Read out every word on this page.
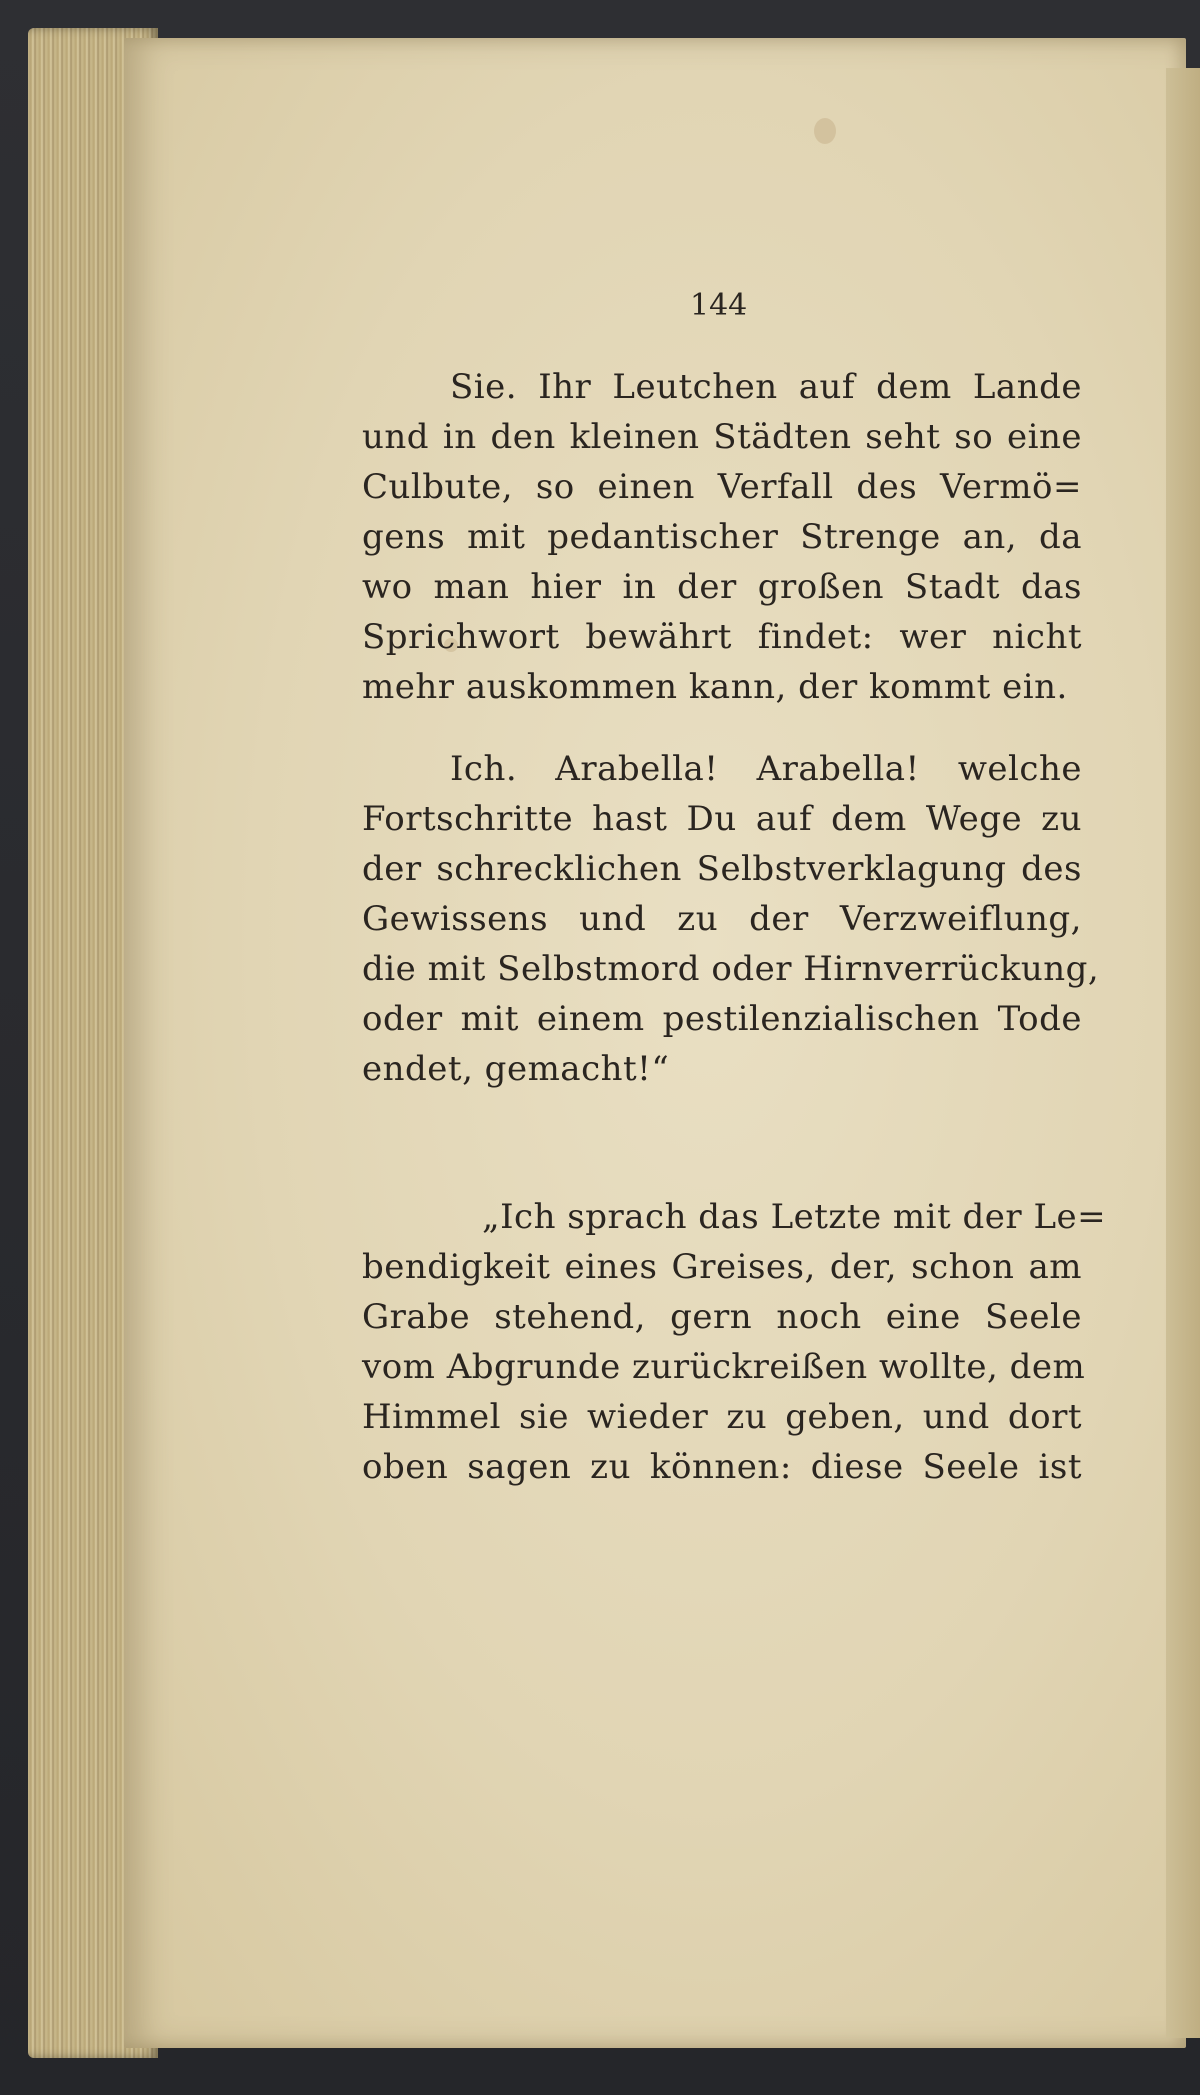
144

Sie. Ihr Leutchen auf dem Lande
und in den kleinen Städten seht so eine
Culbute, so einen Verfall des Vermö=
gens mit pedantischer Strenge an, da
wo man hier in der großen Stadt das
Sprichwort bewährt findet: wer nicht
mehr auskommen kann, der kommt ein.

Ich. Arabella! Arabella! welche
Fortschritte hast Du auf dem Wege zu
der schrecklichen Selbstverklagung des
Gewissens und zu der Verzweiflung,
die mit Selbstmord oder Hirnverrückung,
oder mit einem pestilenzialischen Tode
endet, gemacht!“

„Ich sprach das Letzte mit der Le=
bendigkeit eines Greises, der, schon am
Grabe stehend, gern noch eine Seele
vom Abgrunde zurückreißen wollte, dem
Himmel sie wieder zu geben, und dort
oben sagen zu können: diese Seele ist
